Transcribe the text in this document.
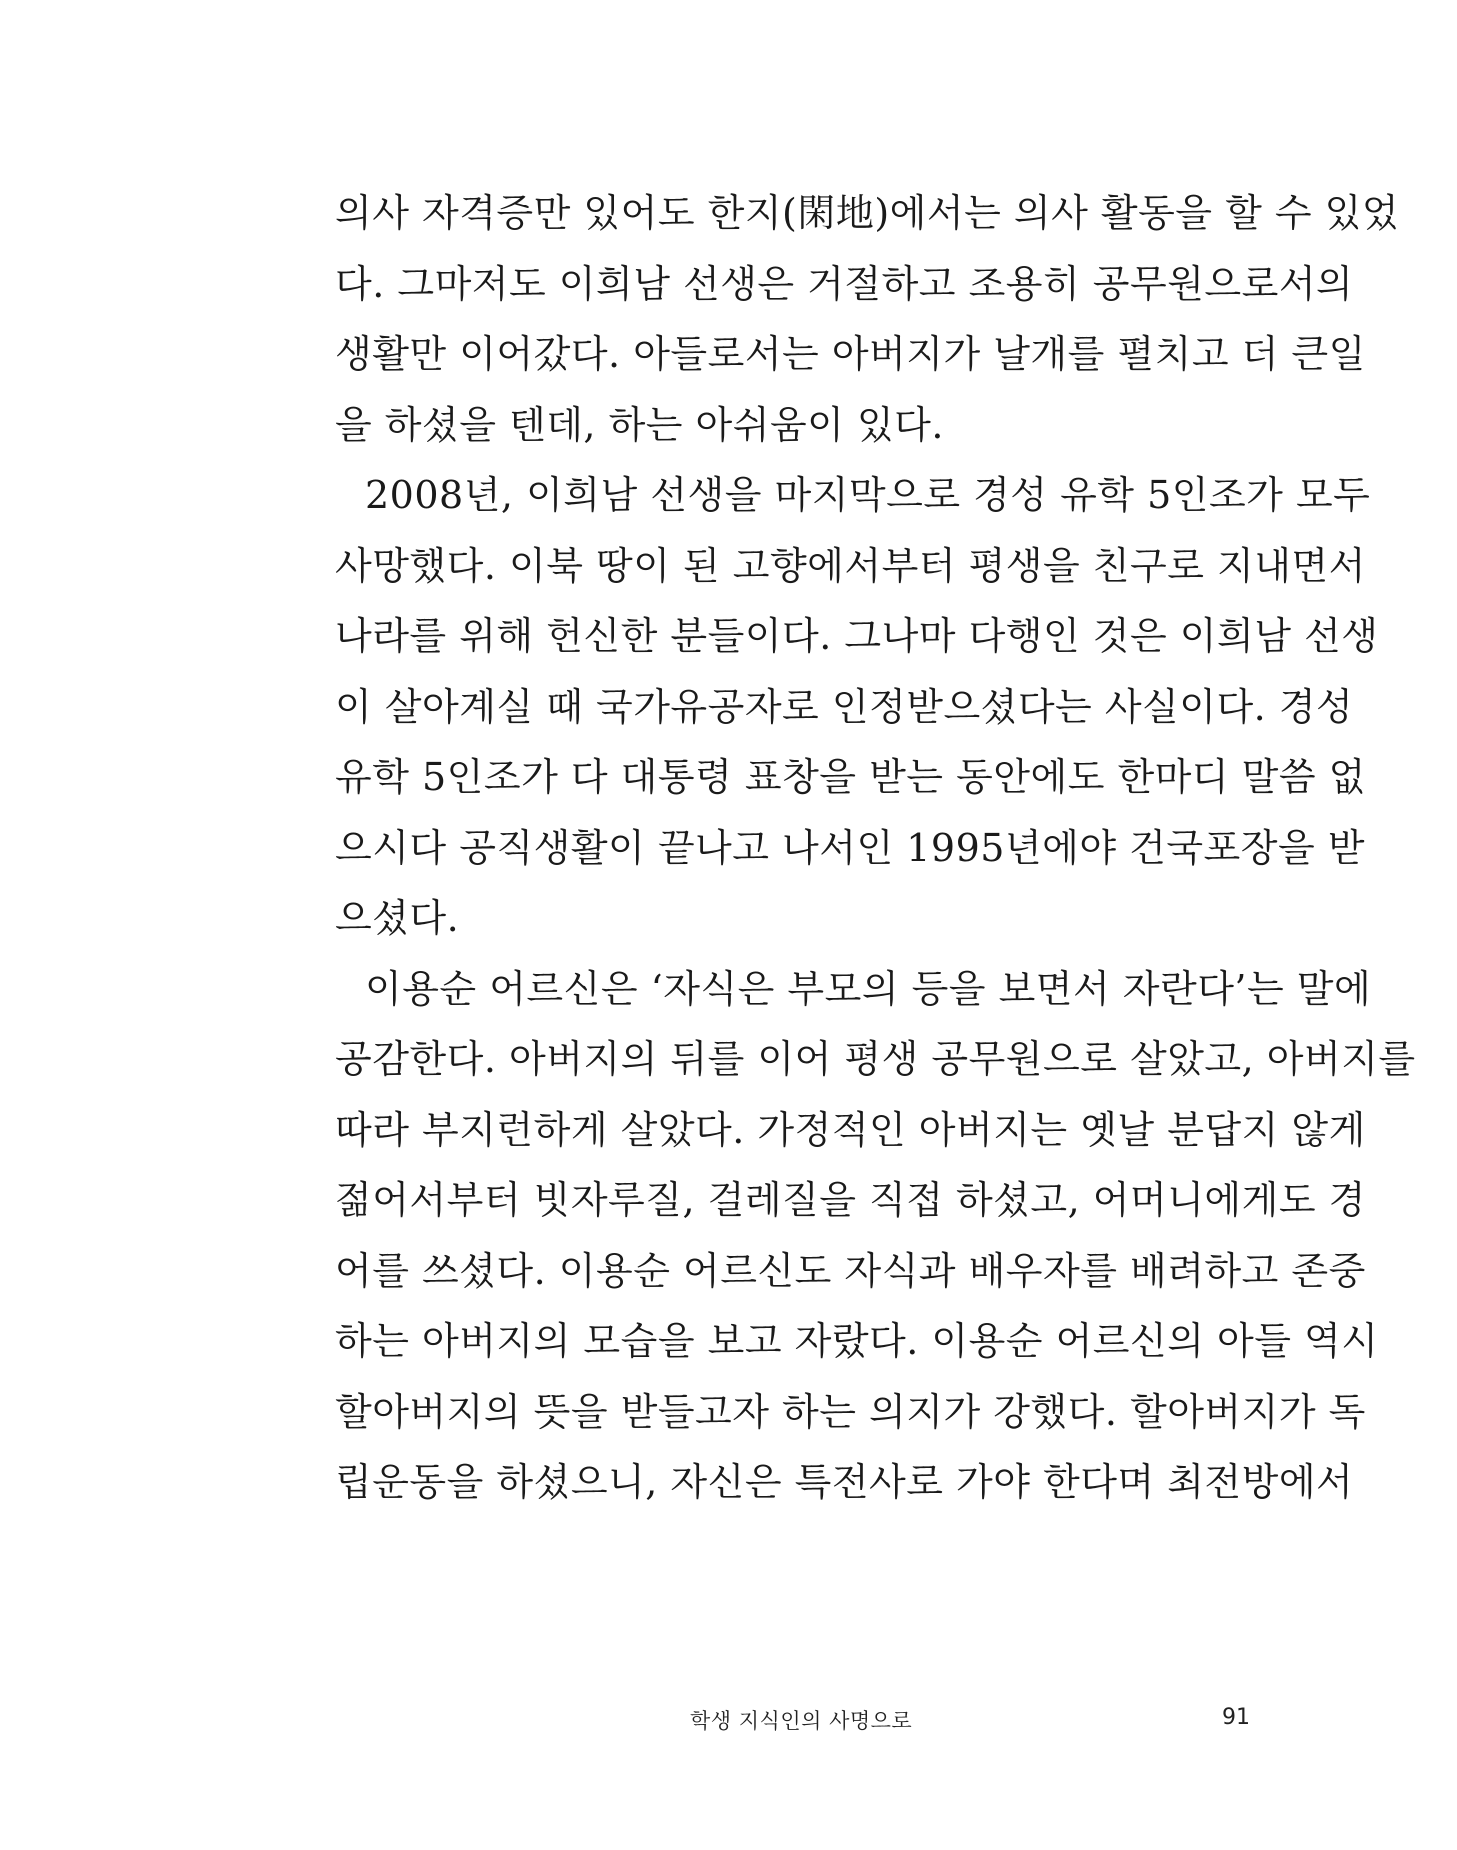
의사 자격증만 있어도 한지(閑地)에서는 의사 활동을 할 수 있었
다. 그마저도 이희남 선생은 거절하고 조용히 공무원으로서의
생활만 이어갔다. 아들로서는 아버지가 날개를 펼치고 더 큰일
을 하셨을 텐데, 하는 아쉬움이 있다.
2008년, 이희남 선생을 마지막으로 경성 유학 5인조가 모두
사망했다. 이북 땅이 된 고향에서부터 평생을 친구로 지내면서
나라를 위해 헌신한 분들이다. 그나마 다행인 것은 이희남 선생
이 살아계실 때 국가유공자로 인정받으셨다는 사실이다. 경성
유학 5인조가 다 대통령 표창을 받는 동안에도 한마디 말씀 없
으시다 공직생활이 끝나고 나서인 1995년에야 건국포장을 받
으셨다.
이용순 어르신은 ‘자식은 부모의 등을 보면서 자란다’는 말에
공감한다. 아버지의 뒤를 이어 평생 공무원으로 살았고, 아버지를
따라 부지런하게 살았다. 가정적인 아버지는 옛날 분답지 않게
젊어서부터 빗자루질, 걸레질을 직접 하셨고, 어머니에게도 경
어를 쓰셨다. 이용순 어르신도 자식과 배우자를 배려하고 존중
하는 아버지의 모습을 보고 자랐다. 이용순 어르신의 아들 역시
할아버지의 뜻을 받들고자 하는 의지가 강했다. 할아버지가 독
립운동을 하셨으니, 자신은 특전사로 가야 한다며 최전방에서
학생 지식인의 사명으로	91
